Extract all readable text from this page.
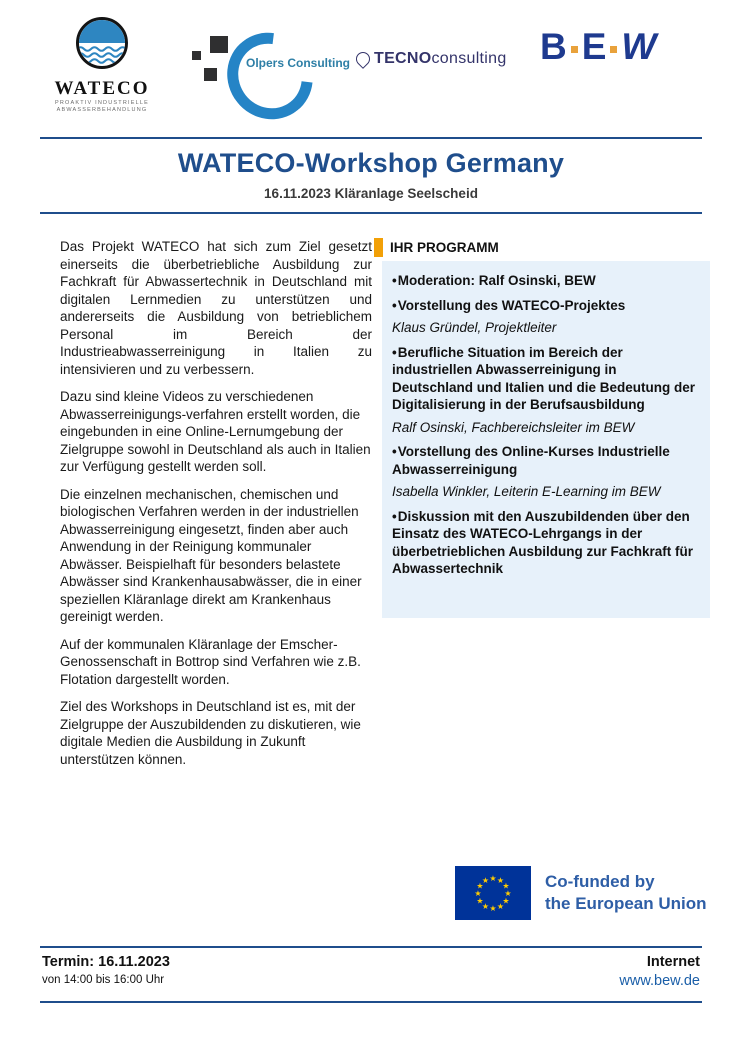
WATECO
PROAKTIV INDUSTRIELLE
ABWASSERBEHANDLUNG
Olpers Consulting TECNOconsulting B E W
WATECO-Workshop Germany
16.11.2023 Kläranlage Seelscheid

Das Projekt WATECO hat sich zum Ziel gesetzt einerseits die überbetriebliche Ausbildung zur Fachkraft für Abwassertechnik in Deutschland mit digitalen Lernmedien zu unterstützen und andererseits die Ausbildung von betrieblichem Personal im Bereich der Industrieabwasserreinigung in Italien zu intensivieren und zu verbessern.

Dazu sind kleine Videos zu verschiedenen Abwasserreinigungs-verfahren erstellt worden, die eingebunden in eine Online-Lernumgebung der Zielgruppe sowohl in Deutschland als auch in Italien zur Verfügung gestellt werden soll.

Die einzelnen mechanischen, chemischen und biologischen Verfahren werden in der industriellen Abwasserreinigung eingesetzt, finden aber auch Anwendung in der Reinigung kommunaler Abwässer. Beispielhaft für besonders belastete Abwässer sind Krankenhausabwässer, die in einer speziellen Kläranlage direkt am Krankenhaus gereinigt werden.

Auf der kommunalen Kläranlage der Emscher-Genossenschaft in Bottrop sind Verfahren wie z.B. Flotation dargestellt worden.

Ziel des Workshops in Deutschland ist es, mit der Zielgruppe der Auszubildenden zu diskutieren, wie digitale Medien die Ausbildung in Zukunft unterstützen können.

IHR PROGRAMM
• Moderation: Ralf Osinski, BEW
• Vorstellung des WATECO-Projektes
Klaus Gründel, Projektleiter
• Berufliche Situation im Bereich der industriellen Abwasserreinigung in Deutschland und Italien und die Bedeutung der Digitalisierung in der Berufsausbildung
Ralf Osinski, Fachbereichsleiter im BEW
• Vorstellung des Online-Kurses Industrielle Abwasserreinigung
Isabella Winkler, Leiterin E-Learning im BEW
• Diskussion mit den Auszubildenden über den Einsatz des WATECO-Lehrgangs in der überbetrieblichen Ausbildung zur Fachkraft für Abwassertechnik
★ ★
★
★
★
★
★
★
★
★
★
★	Co-funded by
the European Union
Termin: 16.11.2023
von 14:00 bis 16:00 Uhr
Internet
www.bew.de
